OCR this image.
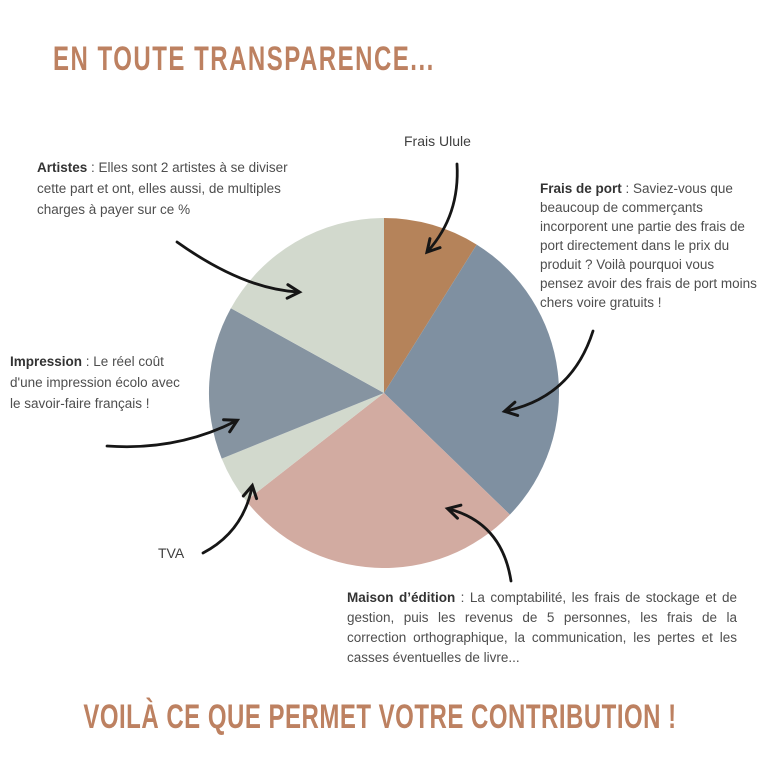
EN TOUTE TRANSPARENCE...
Frais Ulule
Artistes : Elles sont 2 artistes à se diviser cette part et ont, elles aussi, de multiples charges à payer sur ce %
Frais de port : Saviez-vous que beaucoup de commerçants incorporent une partie des frais de port directement dans le prix du produit ? Voilà pourquoi vous pensez avoir des frais de port moins chers voire gratuits !
Impression : Le réel coût d'une impression écolo avec le savoir-faire français !
TVA
Maison d’édition : La comptabilité, les frais de stockage et de gestion, puis les revenus de 5 personnes, les frais de la correction orthographique, la communication, les pertes et les casses éventuelles de livre...
VOILÀ CE QUE PERMET VOTRE CONTRIBUTION !
